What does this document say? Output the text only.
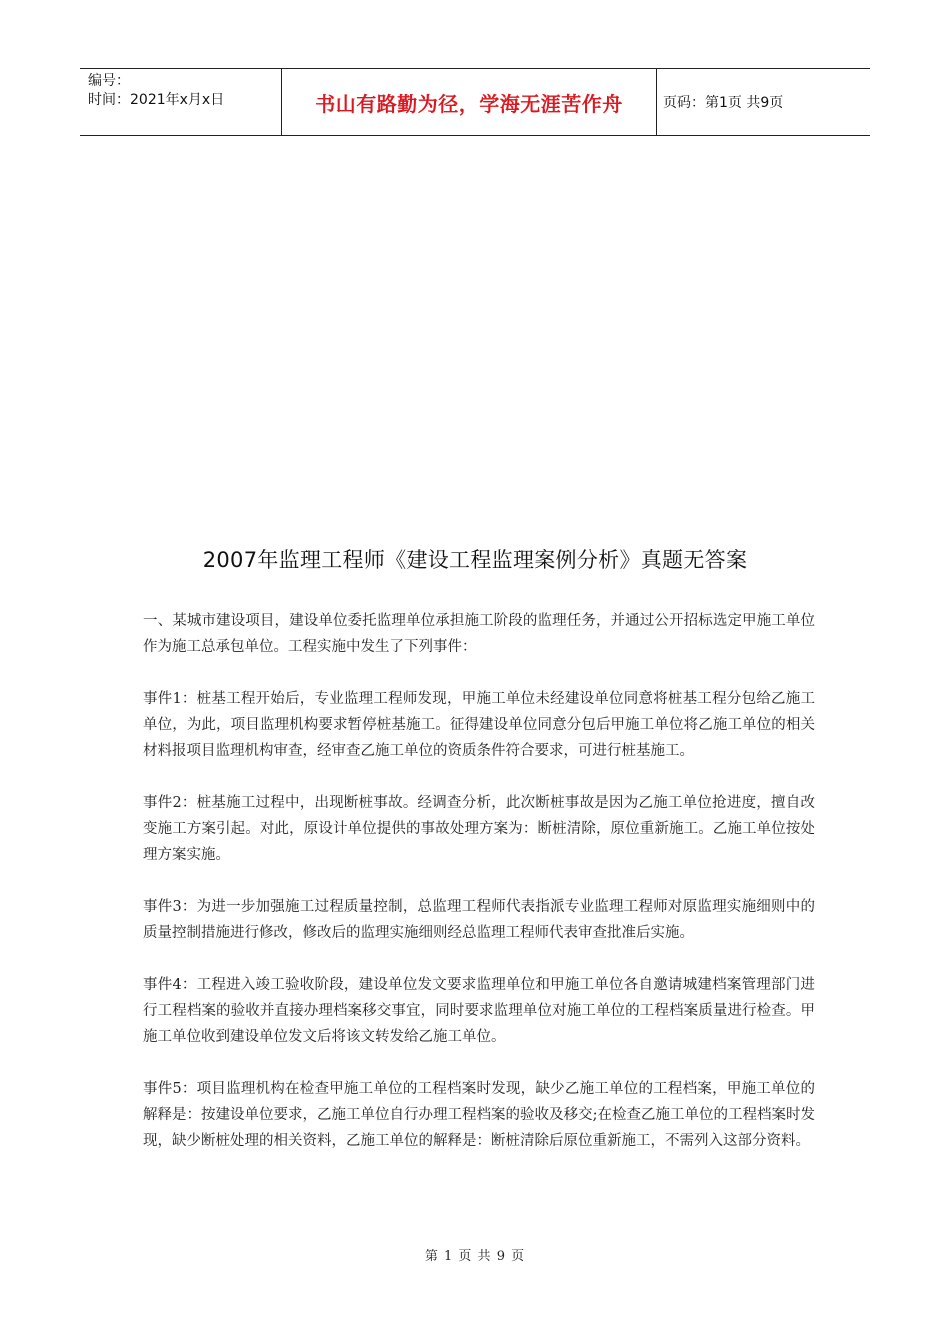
编号：
时间：2021年x月x日	书山有路勤为径，学海无涯苦作舟	页码：第1页 共9页
2007年监理工程师《建设工程监理案例分析》真题无答案

一、某城市建设项目，建设单位委托监理单位承担施工阶段的监理任务，并通过公开招标选定甲施工单位作为施工总承包单位。工程实施中发生了下列事件：

事件1：桩基工程开始后，专业监理工程师发现，甲施工单位未经建设单位同意将桩基工程分包给乙施工单位，为此，项目监理机构要求暂停桩基施工。征得建设单位同意分包后甲施工单位将乙施工单位的相关材料报项目监理机构审查，经审查乙施工单位的资质条件符合要求，可进行桩基施工。

事件2：桩基施工过程中，出现断桩事故。经调查分析，此次断桩事故是因为乙施工单位抢进度，擅自改变施工方案引起。对此，原设计单位提供的事故处理方案为：断桩清除，原位重新施工。乙施工单位按处理方案实施。

事件3：为进一步加强施工过程质量控制，总监理工程师代表指派专业监理工程师对原监理实施细则中的质量控制措施进行修改，修改后的监理实施细则经总监理工程师代表审查批准后实施。

事件4：工程进入竣工验收阶段，建设单位发文要求监理单位和甲施工单位各自邀请城建档案管理部门进行工程档案的验收并直接办理档案移交事宜，同时要求监理单位对施工单位的工程档案质量进行检查。甲施工单位收到建设单位发文后将该文转发给乙施工单位。

事件5：项目监理机构在检查甲施工单位的工程档案时发现，缺少乙施工单位的工程档案，甲施工单位的解释是：按建设单位要求，乙施工单位自行办理工程档案的验收及移交;在检查乙施工单位的工程档案时发现，缺少断桩处理的相关资料，乙施工单位的解释是：断桩清除后原位重新施工，不需列入这部分资料。

第 1 页 共 9 页
